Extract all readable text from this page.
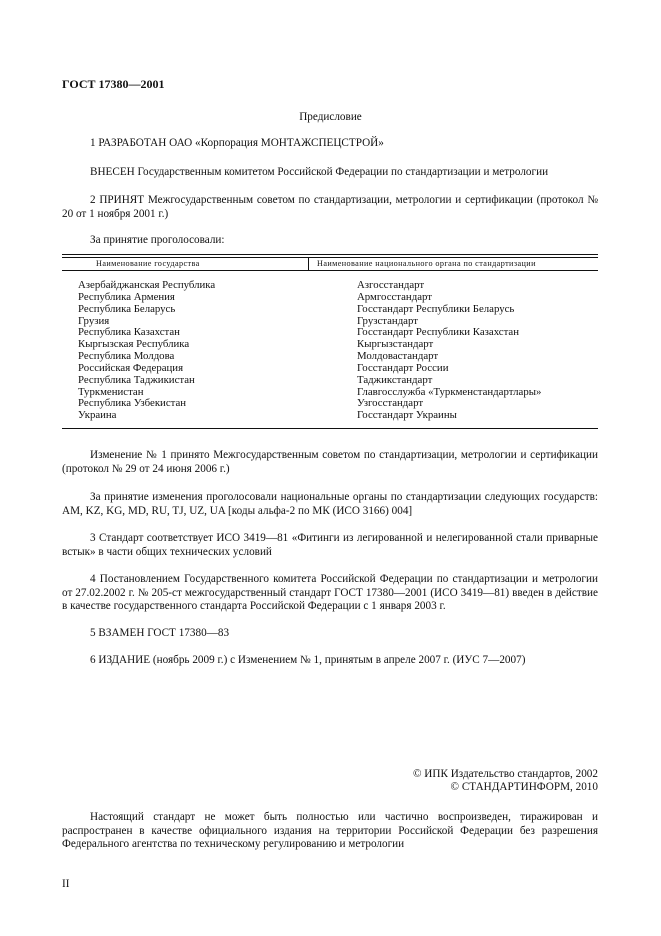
ГОСТ 17380—2001
Предисловие
1 РАЗРАБОТАН ОАО «Корпорация МОНТАЖСПЕЦСТРОЙ»
ВНЕСЕН Государственным комитетом Российской Федерации по стандартизации и метрологии
2 ПРИНЯТ Межгосударственным советом по стандартизации, метрологии и сертификации (протокол № 20 от 1 ноября 2001 г.)
За принятие проголосовали:
Наименование государства	Наименование национального органа по стандартизации
Азербайджанская Республика
Республика Армения
Республика Беларусь
Грузия
Республика Казахстан
Кыргызская Республика
Республика Молдова
Российская Федерация
Республика Таджикистан
Туркменистан
Республика Узбекистан
Украина
Азгосстандарт
Армгосстандарт
Госстандарт Республики Беларусь
Грузстандарт
Госстандарт Республики Казахстан
Кыргызстандарт
Молдовастандарт
Госстандарт России
Таджикстандарт
Главгосслужба «Туркменстандартлары»
Узгосстандарт
Госстандарт Украины
Изменение № 1 принято Межгосударственным советом по стандартизации, метрологии и сертификации (протокол № 29 от 24 июня 2006 г.)
За принятие изменения проголосовали национальные органы по стандартизации следующих государств: AM, KZ, KG, MD, RU, TJ, UZ, UA [коды альфа-2 по МК (ИСО 3166) 004]
3 Стандарт соответствует ИСО 3419—81 «Фитинги из легированной и нелегированной стали приварные встык» в части общих технических условий
4 Постановлением Государственного комитета Российской Федерации по стандартизации и метрологии от 27.02.2002 г. № 205-ст межгосударственный стандарт ГОСТ 17380—2001 (ИСО 3419—81) введен в действие в качестве государственного стандарта Российской Федерации с 1 января 2003 г.
5 ВЗАМЕН ГОСТ 17380—83
6 ИЗДАНИЕ (ноябрь 2009 г.) с Изменением № 1, принятым в апреле 2007 г. (ИУС 7—2007)
© ИПК Издательство стандартов, 2002
© СТАНДАРТИНФОРМ, 2010
Настоящий стандарт не может быть полностью или частично воспроизведен, тиражирован и распространен в качестве официального издания на территории Российской Федерации без разрешения Федерального агентства по техническому регулированию и метрологии
II
